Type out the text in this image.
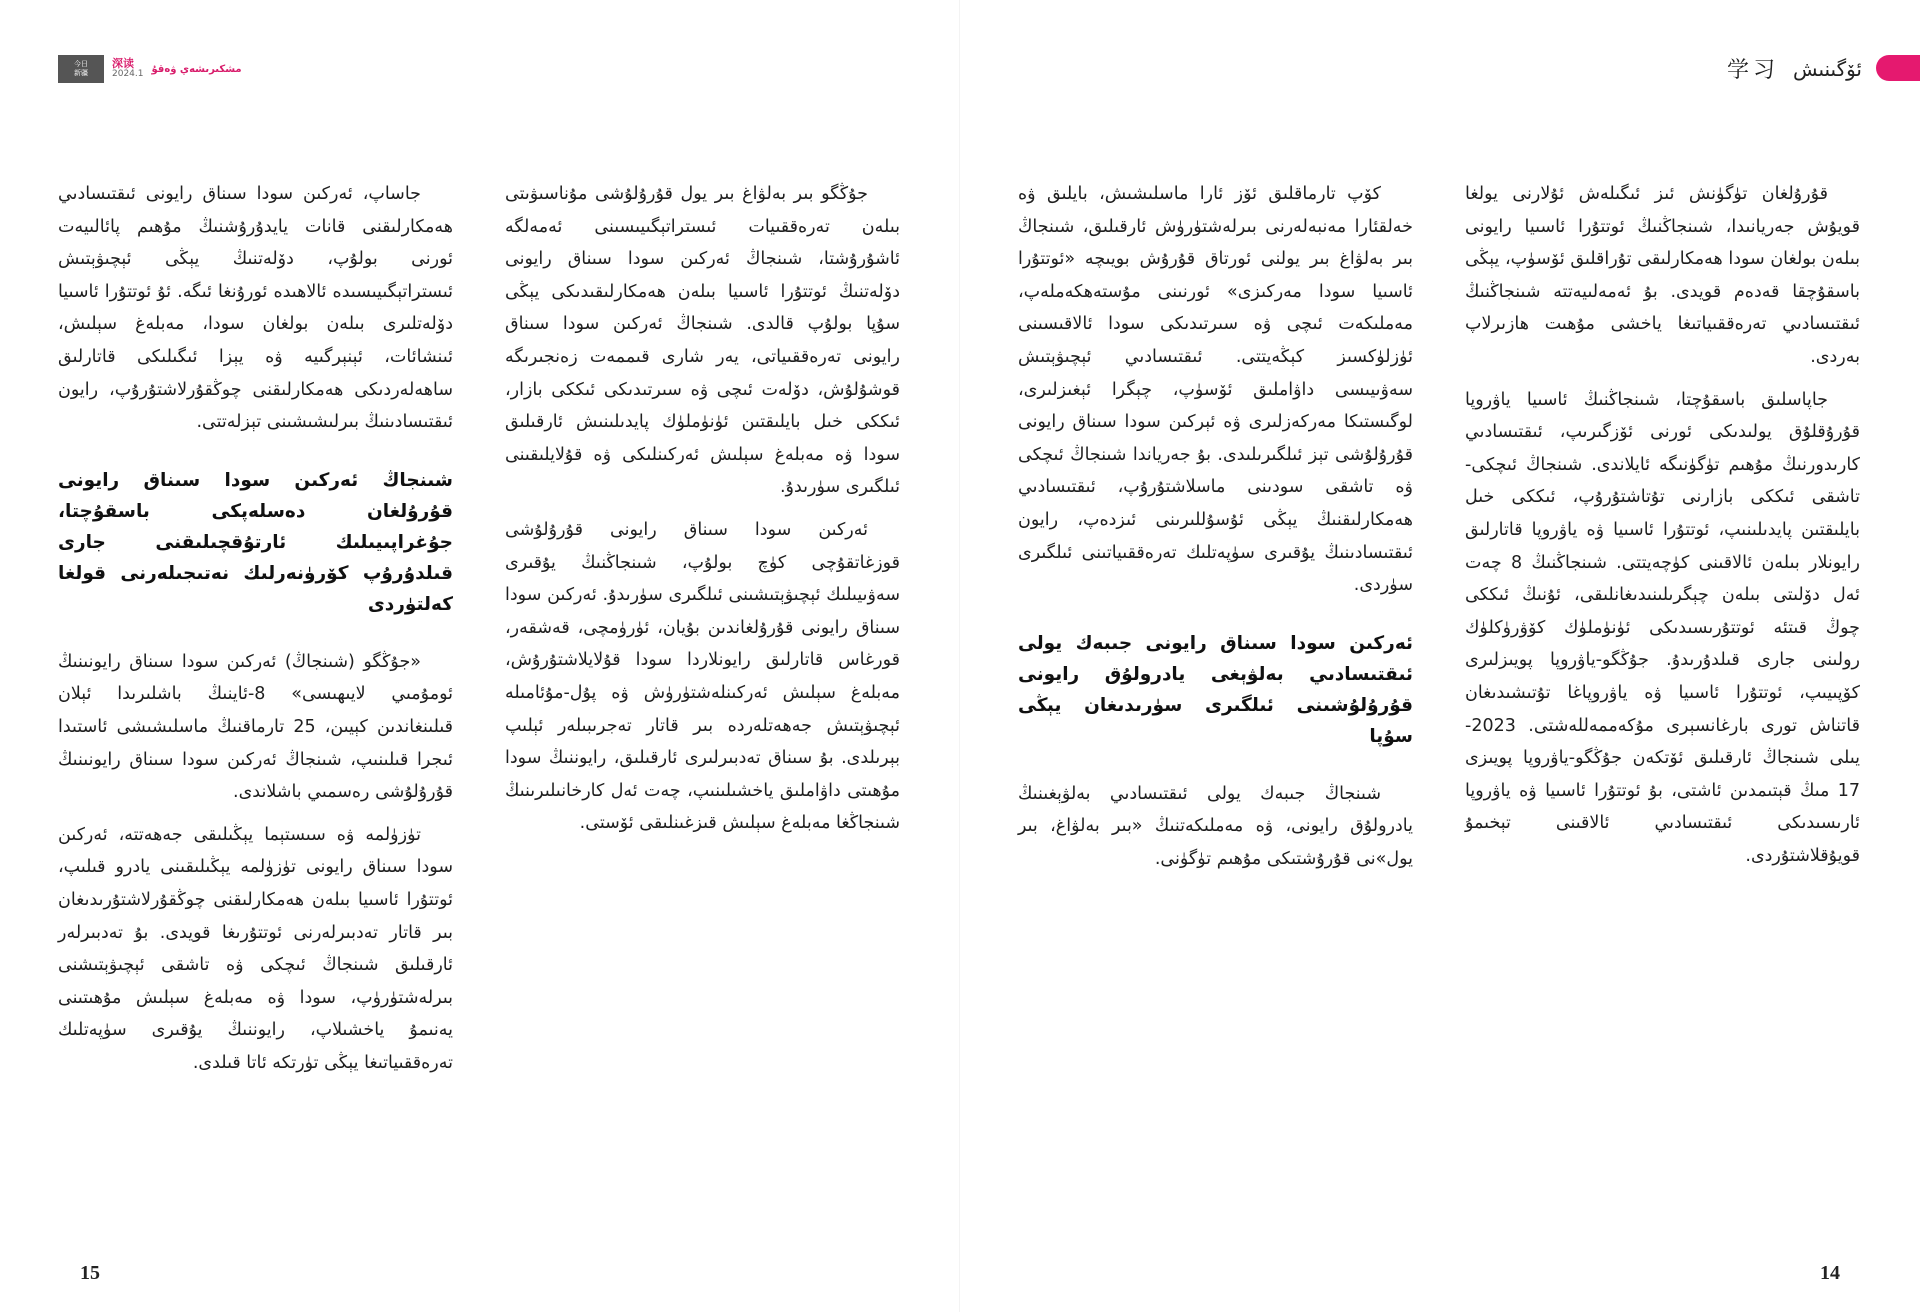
今日
新疆
深读
2024.1 مشكىرىشەي ۋەقۇ

جاساپ، ئەركىن سودا سىناق رايونى ئىقتىسادىي ھەمكارلىقنى قانات يايدۇرۇشنىڭ مۇھىم پائالىيەت ئورنى بولۇپ، دۆلەتنىڭ يېڭى ئېچىۋېتىش ئىستراتېگىيىسىدە ئالاھىدە ئورۇنغا ئىگە. ئۇ ئوتتۇرا ئاسىيا دۆلەتلىرى بىلەن بولغان سودا، مەبلەغ سېلىش، ئىنشائات، ئېنېرگىيە ۋە يېزا ئىگىلىكى قاتارلىق ساھەلەردىكى ھەمكارلىقنى چوڭقۇرلاشتۇرۇپ، رايون ئىقتىسادىنىڭ بىرلىشىشىنى تېزلەتتى.

شىنجاڭ ئەركىن سودا سىناق رايونى قۇرۇلغان دەسلەپكى باسقۇچتا، جۇغراپىيىلىك ئارتۇقچىلىقنى جارى قىلدۇرۇپ كۆرۈنەرلىك نەتىجىلەرنى قولغا كەلتۈردى

«جۇڭگو (شىنجاڭ) ئەركىن سودا سىناق رايونىنىڭ ئومۇمىي لايىھىسى» 8-ئاينىڭ باشلىرىدا ئېلان قىلىنغاندىن كېيىن، 25 تارماقنىڭ ماسلىشىشى ئاستىدا ئىجرا قىلىنىپ، شىنجاڭ ئەركىن سودا سىناق رايونىنىڭ قۇرۇلۇشى رەسمىي باشلاندى.

تۈزۈلمە ۋە سىستېما يېڭىلىقى جەھەتتە، ئەركىن سودا سىناق رايونى تۈزۈلمە يېڭىلىقىنى يادرو قىلىپ، ئوتتۇرا ئاسىيا بىلەن ھەمكارلىقنى چوڭقۇرلاشتۇرىدىغان بىر قاتار تەدبىرلەرنى ئوتتۇرىغا قويدى. بۇ تەدبىرلەر ئارقىلىق شىنجاڭ ئىچكى ۋە تاشقى ئېچىۋېتىشنى بىرلەشتۈرۈپ، سودا ۋە مەبلەغ سېلىش مۇھىتىنى يەنىمۇ ياخشىلاپ، رايوننىڭ يۇقىرى سۈپەتلىك تەرەققىياتىغا يېڭى تۈرتكە ئاتا قىلدى.

جۇڭگو بىر بەلۋاغ بىر يول قۇرۇلۇشى مۇناسىۋىتى بىلەن تەرەققىيات ئىستراتېگىيىسىنى ئەمەلگە ئاشۇرۇشتا، شىنجاڭ ئەركىن سودا سىناق رايونى دۆلەتنىڭ ئوتتۇرا ئاسىيا بىلەن ھەمكارلىقىدىكى يېڭى سۇپا بولۇپ قالدى. شىنجاڭ ئەركىن سودا سىناق رايونى تەرەققىياتى، يەر شارى قىممەت زەنجىرىگە قوشۇلۇش، دۆلەت ئىچى ۋە سىرتىدىكى ئىككى بازار، ئىككى خىل بايلىقتىن ئۈنۈملۈك پايدىلىنىش ئارقىلىق سودا ۋە مەبلەغ سېلىش ئەركىنلىكى ۋە قۇلايلىقىنى ئىلگىرى سۈرىدۇ.

ئەركىن سودا سىناق رايونى قۇرۇلۇشى قوزغاتقۇچى كۈچ بولۇپ، شىنجاڭنىڭ يۇقىرى سەۋىيىلىك ئېچىۋېتىشىنى ئىلگىرى سۈرىدۇ. ئەركىن سودا سىناق رايونى قۇرۇلغاندىن بۇيان، ئۈرۈمچى، قەشقەر، قورغاس قاتارلىق رايونلاردا سودا قۇلايلاشتۇرۇش، مەبلەغ سېلىش ئەركىنلەشتۈرۈش ۋە پۇل-مۇئامىلە ئېچىۋېتىش جەھەتلەردە بىر قاتار تەجرىبىلەر ئېلىپ بېرىلدى. بۇ سىناق تەدبىرلىرى ئارقىلىق، رايوننىڭ سودا مۇھىتى داۋاملىق ياخشىلىنىپ، چەت ئەل كارخانىلىرىنىڭ شىنجاڭغا مەبلەغ سېلىش قىزغىنلىقى ئۆستى.

15
学习 ئۆگىنىش

كۆپ تارماقلىق ئۆز ئارا ماسلىشىش، بايلىق ۋە خەلقئارا مەنبەلەرنى بىرلەشتۈرۈش ئارقىلىق، شىنجاڭ بىر بەلۋاغ بىر يولنى ئورتاق قۇرۇش بويىچە «ئوتتۇرا ئاسىيا سودا مەركىزى» ئورنىنى مۇستەھكەملەپ، مەملىكەت ئىچى ۋە سىرتىدىكى سودا ئالاقىسىنى ئۈزلۈكسىز كېڭەيتتى. ئىقتىسادىي ئېچىۋېتىش سەۋىيىسى داۋاملىق ئۆسۈپ، چېگرا ئېغىزلىرى، لوگىستىكا مەركەزلىرى ۋە ئېرکىن سودا سىناق رايونى قۇرۇلۇشى تېز ئىلگىرىلىدى. بۇ جەرياندا شىنجاڭ ئىچكى ۋە تاشقى سودىنى ماسلاشتۇرۇپ، ئىقتىسادىي ھەمكارلىقنىڭ يېڭى ئۇسۇللىرىنى ئىزدەپ، رايون ئىقتىسادىنىڭ يۇقىرى سۈپەتلىك تەرەققىياتىنى ئىلگىرى سۈردى.

ئەركىن سودا سىناق رايونى جىبەك يولى ئىقتىسادىي بەلۋېغى يادرولۇق رايونى قۇرۇلۇشىنى ئىلگىرى سۈرىدىغان يېڭى سۇپا

شىنجاڭ جىبەك يولى ئىقتىسادىي بەلۋېغىنىڭ يادرولۇق رايونى، ۋە مەملىكەتنىڭ «بىر بەلۋاغ، بىر يول»نى قۇرۇشتىكى مۇھىم تۈگۈنى.

قۇرۇلغان تۈگۈنش ئىز ئىگىلەش ئۇلارنى يولغا قويۇش جەريانىدا، شىنجاڭنىڭ ئوتتۇرا ئاسىيا رايونى بىلەن بولغان سودا ھەمكارلىقى تۇراقلىق ئۆسۈپ، يېڭى باسقۇچقا قەدەم قويدى. بۇ ئەمەلىيەتتە شىنجاڭنىڭ ئىقتىسادىي تەرەققىياتىغا ياخشى مۇھىت ھازىرلاپ بەردى.

جاپاسلىق باسقۇچتا، شىنجاڭنىڭ ئاسىيا ياۋروپا قۇرۇقلۇق يولىدىكى ئورنى ئۆزگىرىپ، ئىقتىسادىي كارىدورنىڭ مۇھىم تۈگۈنىگە ئايلاندى. شىنجاڭ ئىچكى-تاشقى ئىككى بازارنى تۇتاشتۇرۇپ، ئىككى خىل بايلىقتىن پايدىلىنىپ، ئوتتۇرا ئاسىيا ۋە ياۋروپا قاتارلىق رايونلار بىلەن ئالاقىنى كۈچەيتتى. شىنجاڭنىڭ 8 چەت ئەل دۆلىتى بىلەن چېگرىلىنىدىغانلىقى، ئۇنىڭ ئىككى چوڭ قىتئە ئوتتۇرىسىدىكى ئۈنۈملۈك كۆۋرۈكلۈك رولىنى جارى قىلدۇرىدۇ. جۇڭگو-ياۋروپا پويىزلىرى كۆپىيىپ، ئوتتۇرا ئاسىيا ۋە ياۋروپاغا تۇتىشىدىغان قاتناش تورى بارغانسېرى مۇكەممەللەشتى. 2023-يىلى شىنجاڭ ئارقىلىق ئۆتكەن جۇڭگو-ياۋروپا پويىزى 17 مىڭ قېتىمدىن ئاشتى، بۇ ئوتتۇرا ئاسىيا ۋە ياۋروپا ئارىسىدىكى ئىقتىسادىي ئالاقىنى تېخىمۇ قويۇقلاشتۇردى.

14
